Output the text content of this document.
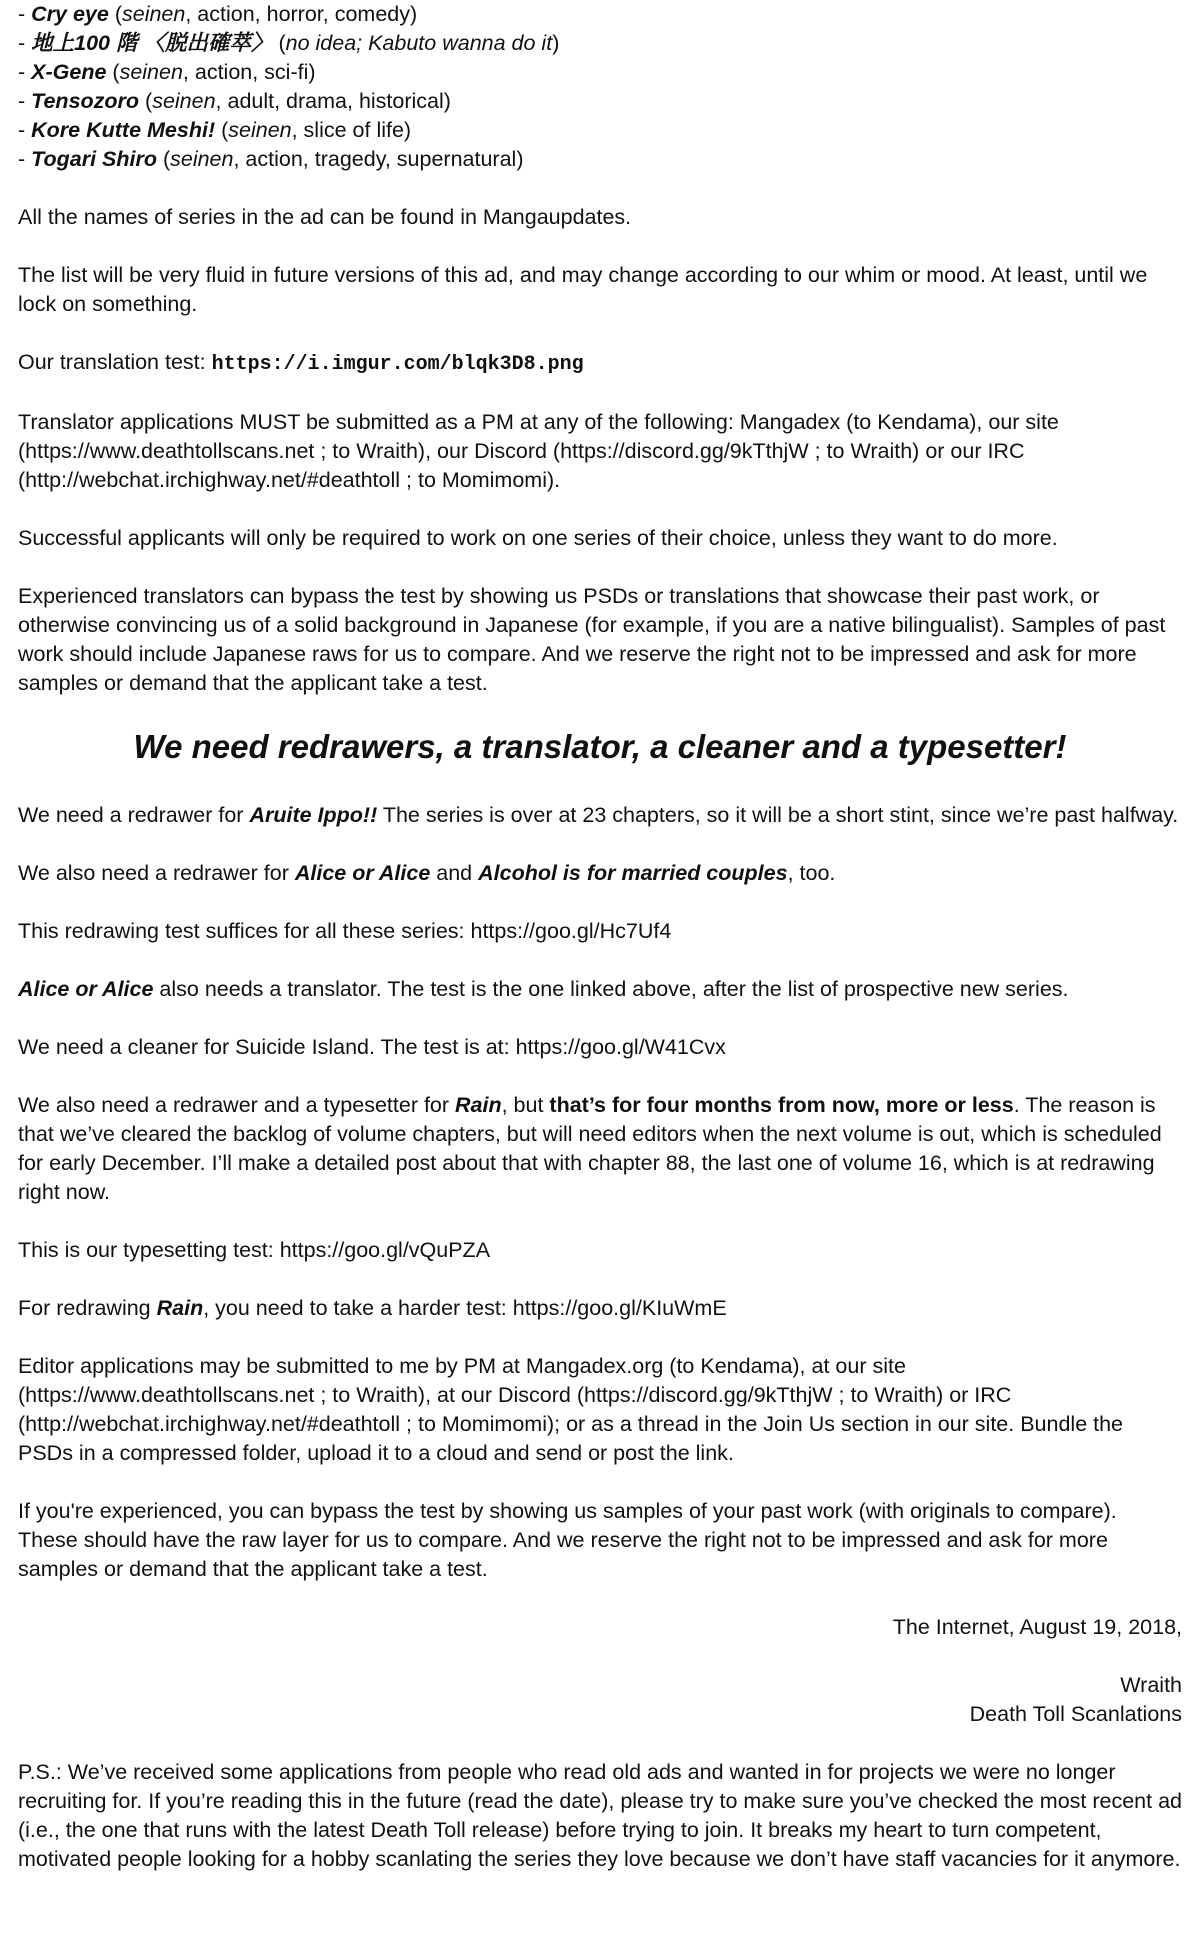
- Cry eye (seinen, action, horror, comedy)
- 地上100 階 〈脱出確萃〉 (no idea; Kabuto wanna do it)
- X-Gene (seinen, action, sci-fi)
- Tensozoro (seinen, adult, drama, historical)
- Kore Kutte Meshi! (seinen, slice of life)
- Togari Shiro (seinen, action, tragedy, supernatural)

All the names of series in the ad can be found in Mangaupdates.

The list will be very fluid in future versions of this ad, and may change according to our whim or mood. At least, until we lock on something.

Our translation test: https://i.imgur.com/blqk3D8.png

Translator applications MUST be submitted as a PM at any of the following: Mangadex (to Kendama), our site (https://www.deathtollscans.net ; to Wraith), our Discord (https://discord.gg/9kTthjW ; to Wraith) or our IRC (http://webchat.irchighway.net/#deathtoll ; to Momimomi).

Successful applicants will only be required to work on one series of their choice, unless they want to do more.

Experienced translators can bypass the test by showing us PSDs or translations that showcase their past work, or otherwise convincing us of a solid background in Japanese (for example, if you are a native bilingualist). Samples of past work should include Japanese raws for us to compare. And we reserve the right not to be impressed and ask for more samples or demand that the applicant take a test.

We need redrawers, a translator, a cleaner and a typesetter!

We need a redrawer for Aruite Ippo!! The series is over at 23 chapters, so it will be a short stint, since we’re past halfway.

We also need a redrawer for Alice or Alice and Alcohol is for married couples, too.

This redrawing test suffices for all these series: https://goo.gl/Hc7Uf4

Alice or Alice also needs a translator. The test is the one linked above, after the list of prospective new series.

We need a cleaner for Suicide Island. The test is at: https://goo.gl/W41Cvx

We also need a redrawer and a typesetter for Rain, but that’s for four months from now, more or less. The reason is that we’ve cleared the backlog of volume chapters, but will need editors when the next volume is out, which is scheduled for early December. I’ll make a detailed post about that with chapter 88, the last one of volume 16, which is at redrawing right now.

This is our typesetting test: https://goo.gl/vQuPZA

For redrawing Rain, you need to take a harder test: https://goo.gl/KIuWmE

Editor applications may be submitted to me by PM at Mangadex.org (to Kendama), at our site (https://www.deathtollscans.net ; to Wraith), at our Discord (https://discord.gg/9kTthjW ; to Wraith) or IRC (http://webchat.irchighway.net/#deathtoll ; to Momimomi); or as a thread in the Join Us section in our site. Bundle the PSDs in a compressed folder, upload it to a cloud and send or post the link.

If you're experienced, you can bypass the test by showing us samples of your past work (with originals to compare). These should have the raw layer for us to compare. And we reserve the right not to be impressed and ask for more samples or demand that the applicant take a test.

The Internet, August 19, 2018,

Wraith

Death Toll Scanlations

P.S.: We’ve received some applications from people who read old ads and wanted in for projects we were no longer recruiting for. If you’re reading this in the future (read the date), please try to make sure you’ve checked the most recent ad (i.e., the one that runs with the latest Death Toll release) before trying to join. It breaks my heart to turn competent, motivated people looking for a hobby scanlating the series they love because we don’t have staff vacancies for it anymore.
